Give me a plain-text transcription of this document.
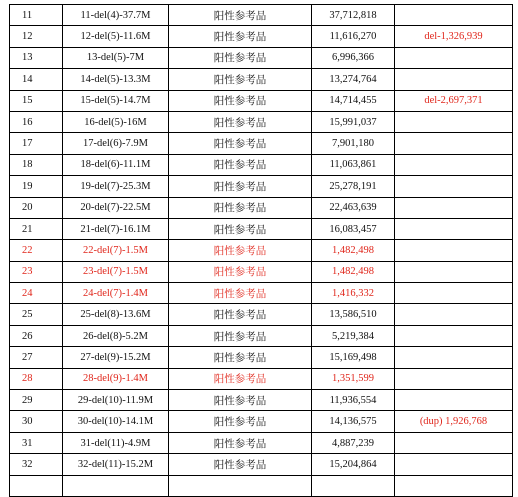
11	11-del(4)-37.7M	阳性参考品	37,712,818	
12	12-del(5)-11.6M	阳性参考品	11,616,270	del-1,326,939
13	13-del(5)-7M	阳性参考品	6,996,366	
14	14-del(5)-13.3M	阳性参考品	13,274,764	
15	15-del(5)-14.7M	阳性参考品	14,714,455	del-2,697,371
16	16-del(5)-16M	阳性参考品	15,991,037	
17	17-del(6)-7.9M	阳性参考品	7,901,180	
18	18-del(6)-11.1M	阳性参考品	11,063,861	
19	19-del(7)-25.3M	阳性参考品	25,278,191	
20	20-del(7)-22.5M	阳性参考品	22,463,639	
21	21-del(7)-16.1M	阳性参考品	16,083,457	
22	22-del(7)-1.5M	阳性参考品	1,482,498	
23	23-del(7)-1.5M	阳性参考品	1,482,498	
24	24-del(7)-1.4M	阳性参考品	1,416,332	
25	25-del(8)-13.6M	阳性参考品	13,586,510	
26	26-del(8)-5.2M	阳性参考品	5,219,384	
27	27-del(9)-15.2M	阳性参考品	15,169,498	
28	28-del(9)-1.4M	阳性参考品	1,351,599	
29	29-del(10)-11.9M	阳性参考品	11,936,554	
30	30-del(10)-14.1M	阳性参考品	14,136,575	(dup) 1,926,768
31	31-del(11)-4.9M	阳性参考品	4,887,239	
32	32-del(11)-15.2M	阳性参考品	15,204,864	
